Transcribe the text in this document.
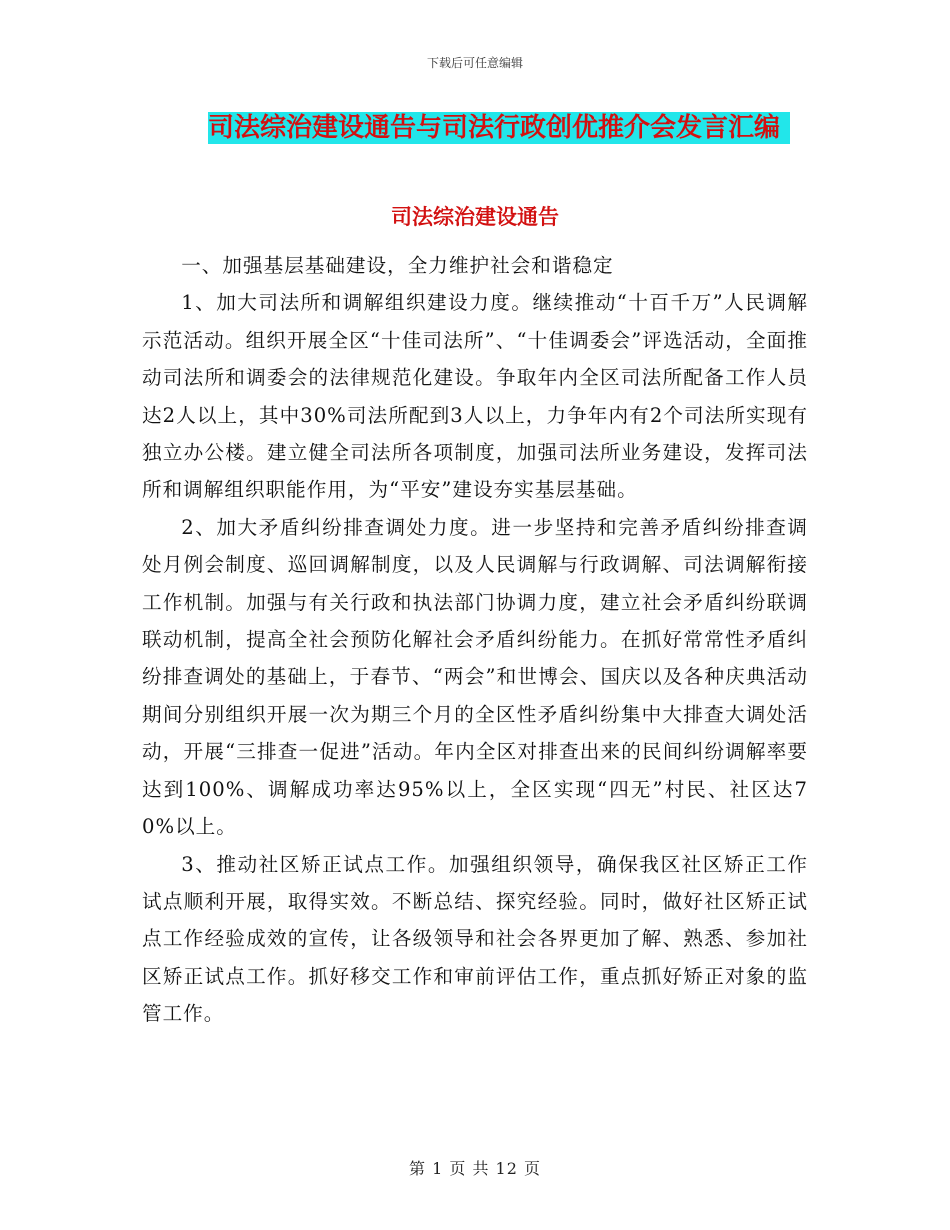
下载后可任意编辑
司法综治建设通告与司法行政创优推介会发言汇编
司法综治建设通告

一、加强基层基础建设，全力维护社会和谐稳定

1、加大司法所和调解组织建设力度。继续推动“十百千万”人民调解示范活动。组织开展全区“十佳司法所”、“十佳调委会”评选活动，全面推动司法所和调委会的法律规范化建设。争取年内全区司法所配备工作人员达2人以上，其中30%司法所配到3人以上，力争年内有2个司法所实现有独立办公楼。建立健全司法所各项制度，加强司法所业务建设，发挥司法所和调解组织职能作用，为“平安”建设夯实基层基础。

2、加大矛盾纠纷排查调处力度。进一步坚持和完善矛盾纠纷排查调处月例会制度、巡回调解制度，以及人民调解与行政调解、司法调解衔接工作机制。加强与有关行政和执法部门协调力度，建立社会矛盾纠纷联调联动机制，提高全社会预防化解社会矛盾纠纷能力。在抓好常常性矛盾纠纷排查调处的基础上，于春节、“两会”和世博会、国庆以及各种庆典活动期间分别组织开展一次为期三个月的全区性矛盾纠纷集中大排查大调处活动，开展“三排查一促进”活动。年内全区对排查出来的民间纠纷调解率要达到100%、调解成功率达95%以上，全区实现“四无”村民、社区达70%以上。

3、推动社区矫正试点工作。加强组织领导，确保我区社区矫正工作试点顺利开展，取得实效。不断总结、探究经验。同时，做好社区矫正试点工作经验成效的宣传，让各级领导和社会各界更加了解、熟悉、参加社区矫正试点工作。抓好移交工作和审前评估工作，重点抓好矫正对象的监管工作。

第 1 页 共 12 页
